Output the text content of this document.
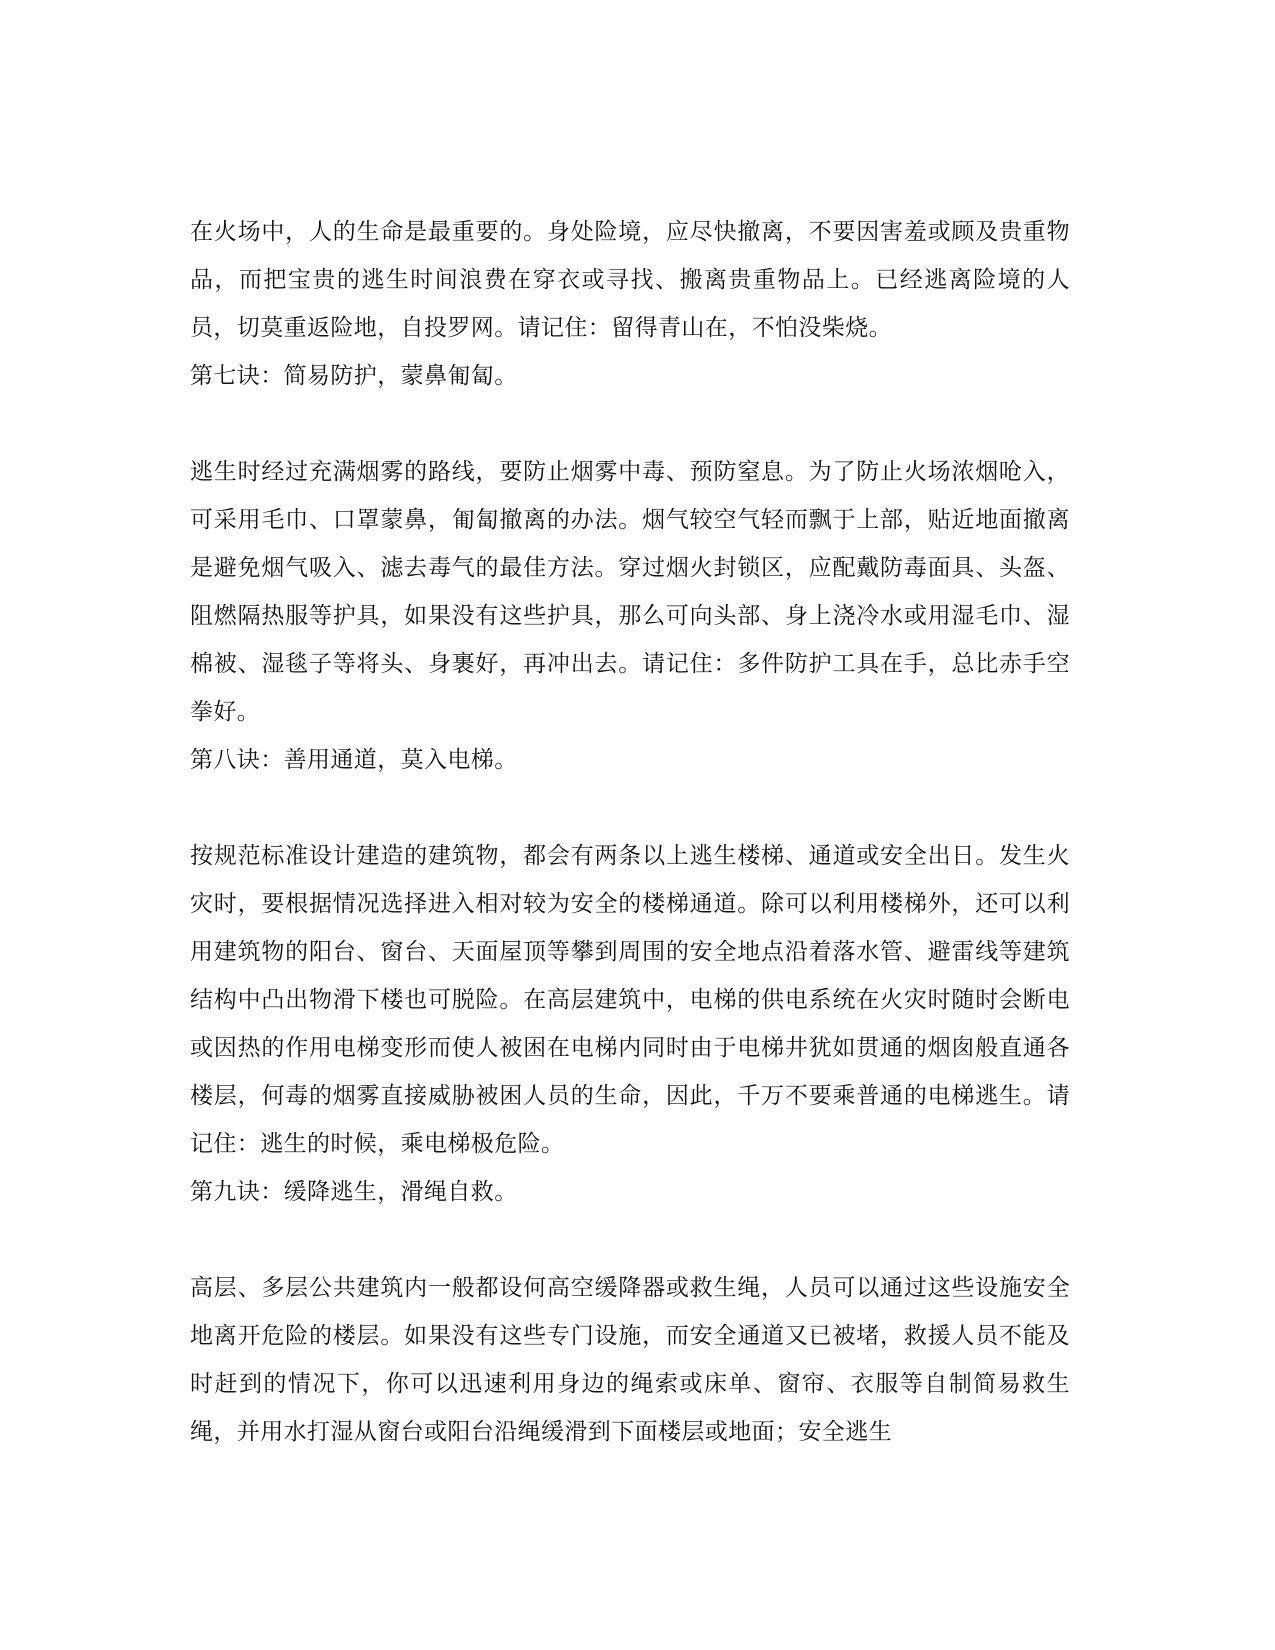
在火场中，人的生命是最重要的。身处险境，应尽快撤离，不要因害羞或顾及贵重物品，而把宝贵的逃生时间浪费在穿衣或寻找、搬离贵重物品上。已经逃离险境的人员，切莫重返险地，自投罗网。请记住：留得青山在，不怕没柴烧。

第七诀：简易防护，蒙鼻匍匐。

逃生时经过充满烟雾的路线，要防止烟雾中毒、预防窒息。为了防止火场浓烟呛入，可采用毛巾、口罩蒙鼻，匍匐撤离的办法。烟气较空气轻而飘于上部，贴近地面撤离是避免烟气吸入、滤去毒气的最佳方法。穿过烟火封锁区，应配戴防毒面具、头盔、阻燃隔热服等护具，如果没有这些护具，那么可向头部、身上浇冷水或用湿毛巾、湿棉被、湿毯子等将头、身裹好，再冲出去。请记住：多件防护工具在手，总比赤手空拳好。

第八诀：善用通道，莫入电梯。

按规范标准设计建造的建筑物，都会有两条以上逃生楼梯、通道或安全出日。发生火灾时，要根据情况选择进入相对较为安全的楼梯通道。除可以利用楼梯外，还可以利用建筑物的阳台、窗台、天面屋顶等攀到周围的安全地点沿着落水管、避雷线等建筑结构中凸出物滑下楼也可脱险。在高层建筑中，电梯的供电系统在火灾时随时会断电或因热的作用电梯变形而使人被困在电梯内同时由于电梯井犹如贯通的烟囱般直通各楼层，何毒的烟雾直接威胁被困人员的生命，因此，千万不要乘普通的电梯逃生。请记住：逃生的时候，乘电梯极危险。

第九诀：缓降逃生，滑绳自救。

高层、多层公共建筑内一般都设何高空缓降器或救生绳，人员可以通过这些设施安全地离开危险的楼层。如果没有这些专门设施，而安全通道又已被堵，救援人员不能及时赶到的情况下，你可以迅速利用身边的绳索或床单、窗帘、衣服等自制简易救生绳，并用水打湿从窗台或阳台沿绳缓滑到下面楼层或地面；安全逃生
